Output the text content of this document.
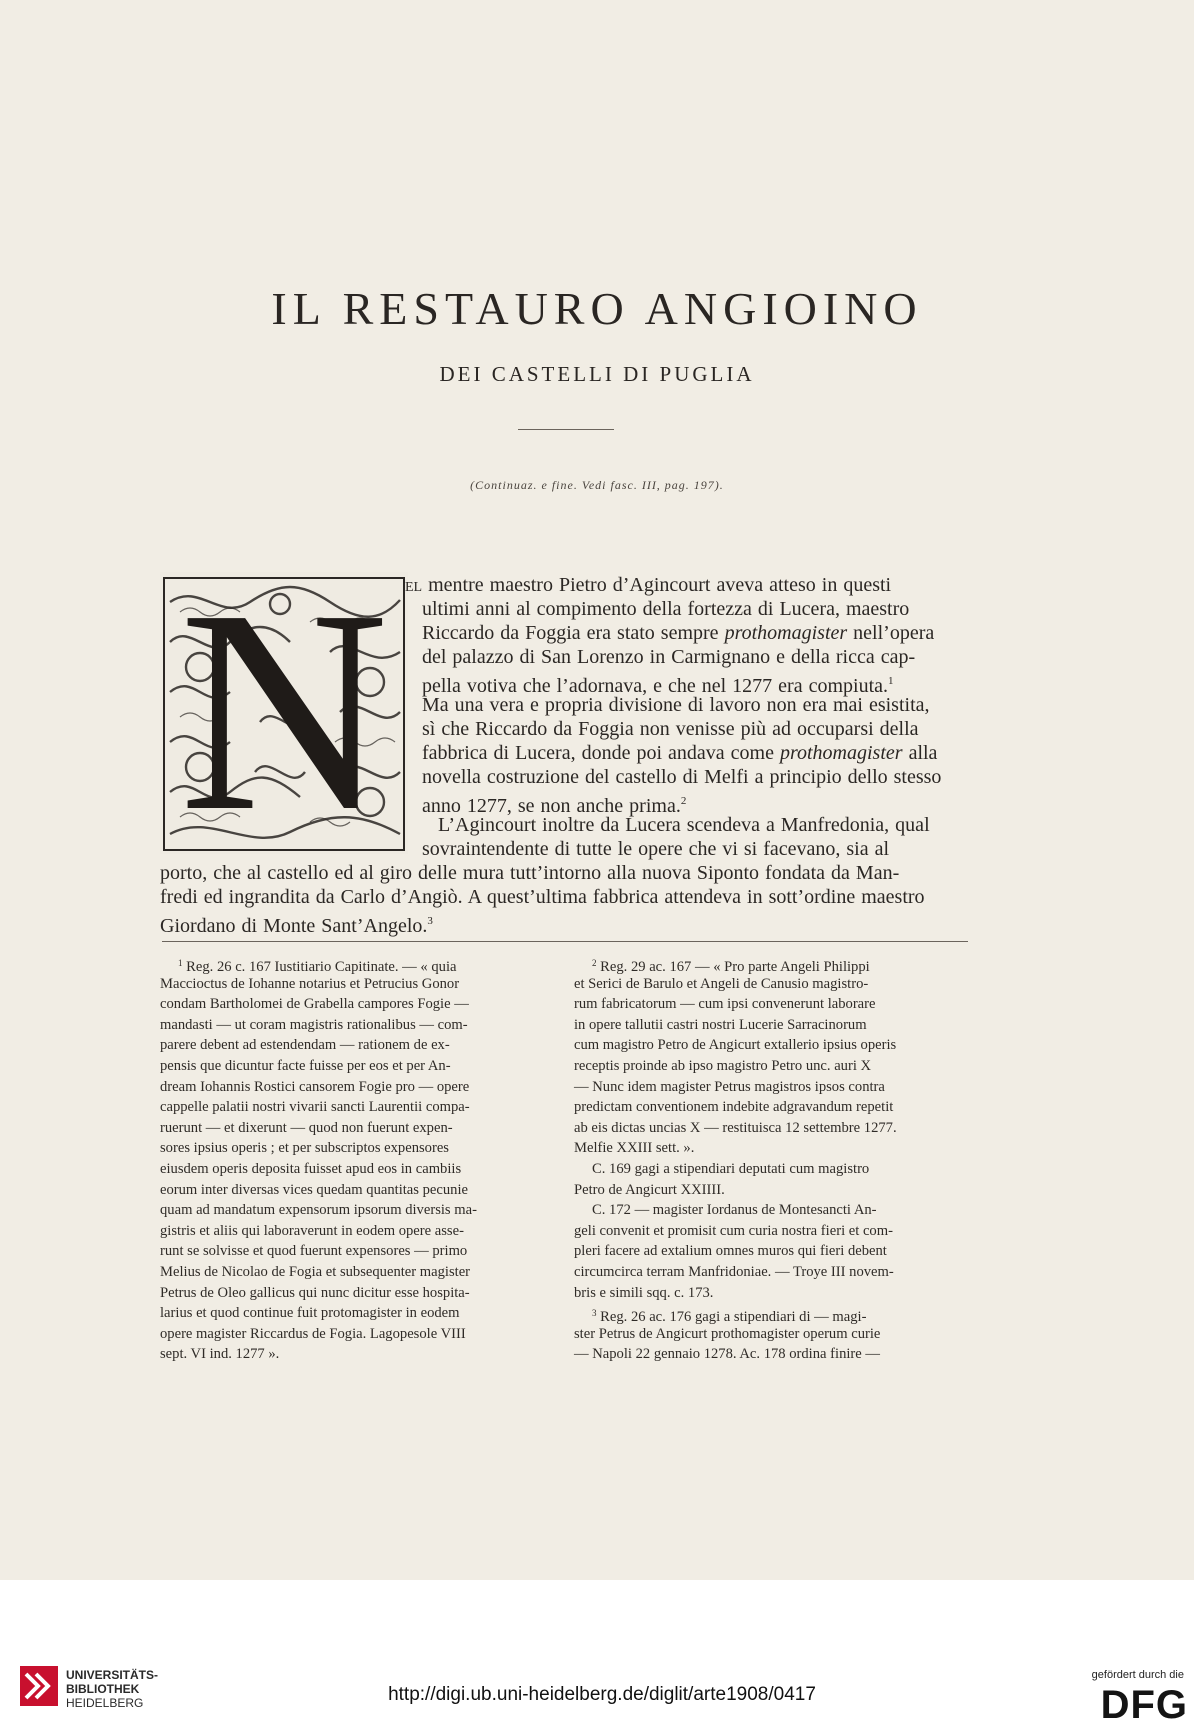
IL RESTAURO ANGIOINO
DEI CASTELLI DI PUGLIA
(Continuaz. e fine. Vedi fasc. III, pag. 197).
N el mentre maestro Pietro d’Agincourt aveva atteso in questi
ultimi anni al compimento della fortezza di Lucera, maestro
Riccardo da Foggia era stato sempre prothomagister nell’opera
del palazzo di San Lorenzo in Carmignano e della ricca cap-
pella votiva che l’adornava, e che nel 1277 era compiuta.$^1$
Ma una vera e propria divisione di lavoro non era mai esistita,
sì che Riccardo da Foggia non venisse più ad occuparsi della
fabbrica di Lucera, donde poi andava come prothomagister alla
novella costruzione del castello di Melfi a principio dello stesso
anno 1277, se non anche prima.$^2$
L’Agincourt inoltre da Lucera scendeva a Manfredonia, qual
sovraintendente di tutte le opere che vi si facevano, sia al
porto, che al castello ed al giro delle mura tutt’intorno alla nuova Siponto fondata da Man-
fredi ed ingrandita da Carlo d’Angiò. A quest’ultima fabbrica attendeva in sott’ordine maestro
Giordano di Monte Sant’Angelo.$^3$
$^1$ Reg. 26 c. 167 Iustitiario Capitinate. — « quia
Maccioctus de Iohanne notarius et Petrucius Gonor
condam Bartholomei de Grabella campores Fogie —
mandasti — ut coram magistris rationalibus — com-
parere debent ad estendendam — rationem de ex-
pensis que dicuntur facte fuisse per eos et per An-
dream Iohannis Rostici cansorem Fogie pro — opere
cappelle palatii nostri vivarii sancti Laurentii compa-
ruerunt — et dixerunt — quod non fuerunt expen-
sores ipsius operis ; et per subscriptos expensores
eiusdem operis deposita fuisset apud eos in cambiis
eorum inter diversas vices quedam quantitas pecunie
quam ad mandatum expensorum ipsorum diversis ma-
gistris et aliis qui laboraverunt in eodem opere asse-
runt se solvisse et quod fuerunt expensores — primo
Melius de Nicolao de Fogia et subsequenter magister
Petrus de Oleo gallicus qui nunc dicitur esse hospita-
larius et quod continue fuit protomagister in eodem
opere magister Riccardus de Fogia. Lagopesole VIII
sept. VI ind. 1277 ».
$^2$ Reg. 29 ac. 167 — « Pro parte Angeli Philippi
et Serici de Barulo et Angeli de Canusio magistro-
rum fabricatorum — cum ipsi convenerunt laborare
in opere tallutii castri nostri Lucerie Sarracinorum
cum magistro Petro de Angicurt extallerio ipsius operis
receptis proinde ab ipso magistro Petro unc. auri X
— Nunc idem magister Petrus magistros ipsos contra
predictam conventionem indebite adgravandum repetit
ab eis dictas uncias X — restituisca 12 settembre 1277.
Melfie XXIII sett. ».
C. 169 gagi a stipendiari deputati cum magistro
Petro de Angicurt XXIIII.
C. 172 — magister Iordanus de Montesancti An-
geli convenit et promisit cum curia nostra fieri et com-
pleri facere ad extalium omnes muros qui fieri debent
circumcirca terram Manfridoniae. — Troye III novem-
bris e simili sqq. c. 173.
$^3$ Reg. 26 ac. 176 gagi a stipendiari di — magi-
ster Petrus de Angicurt prothomagister operum curie
— Napoli 22 gennaio 1278. Ac. 178 ordina finire —
UNIVERSITÄTS-
BIBLIOTHEK
HEIDELBERG	http://digi.ub.uni-heidelberg.de/diglit/arte1908/0417
gefördert durch die
DFG
